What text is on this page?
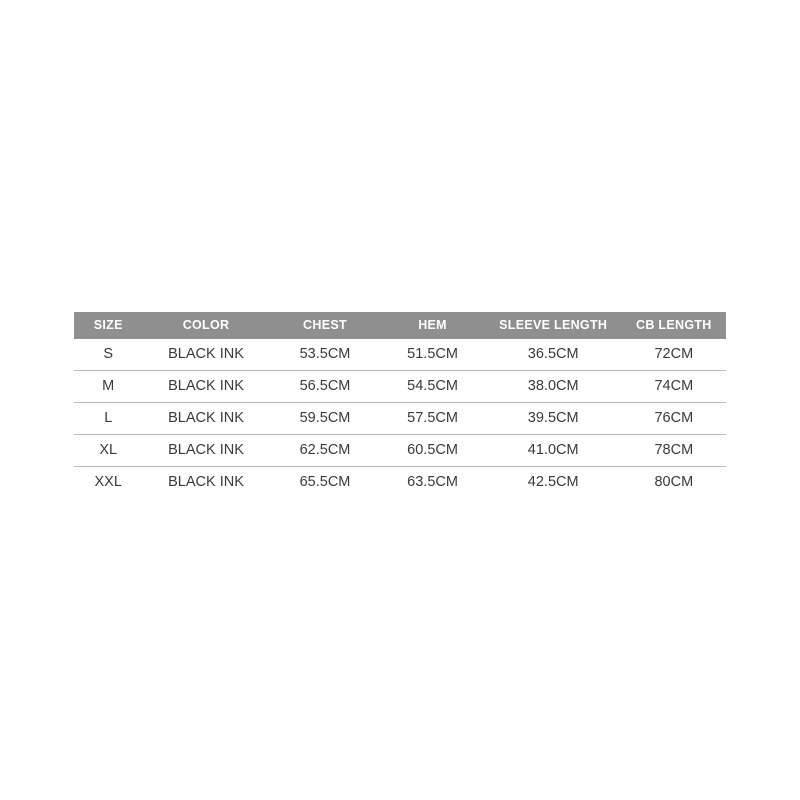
SIZE	COLOR	CHEST	HEM	SLEEVE LENGTH	CB LENGTH
S	BLACK INK	53.5CM	51.5CM	36.5CM	72CM
M	BLACK INK	56.5CM	54.5CM	38.0CM	74CM
L	BLACK INK	59.5CM	57.5CM	39.5CM	76CM
XL	BLACK INK	62.5CM	60.5CM	41.0CM	78CM
XXL	BLACK INK	65.5CM	63.5CM	42.5CM	80CM
